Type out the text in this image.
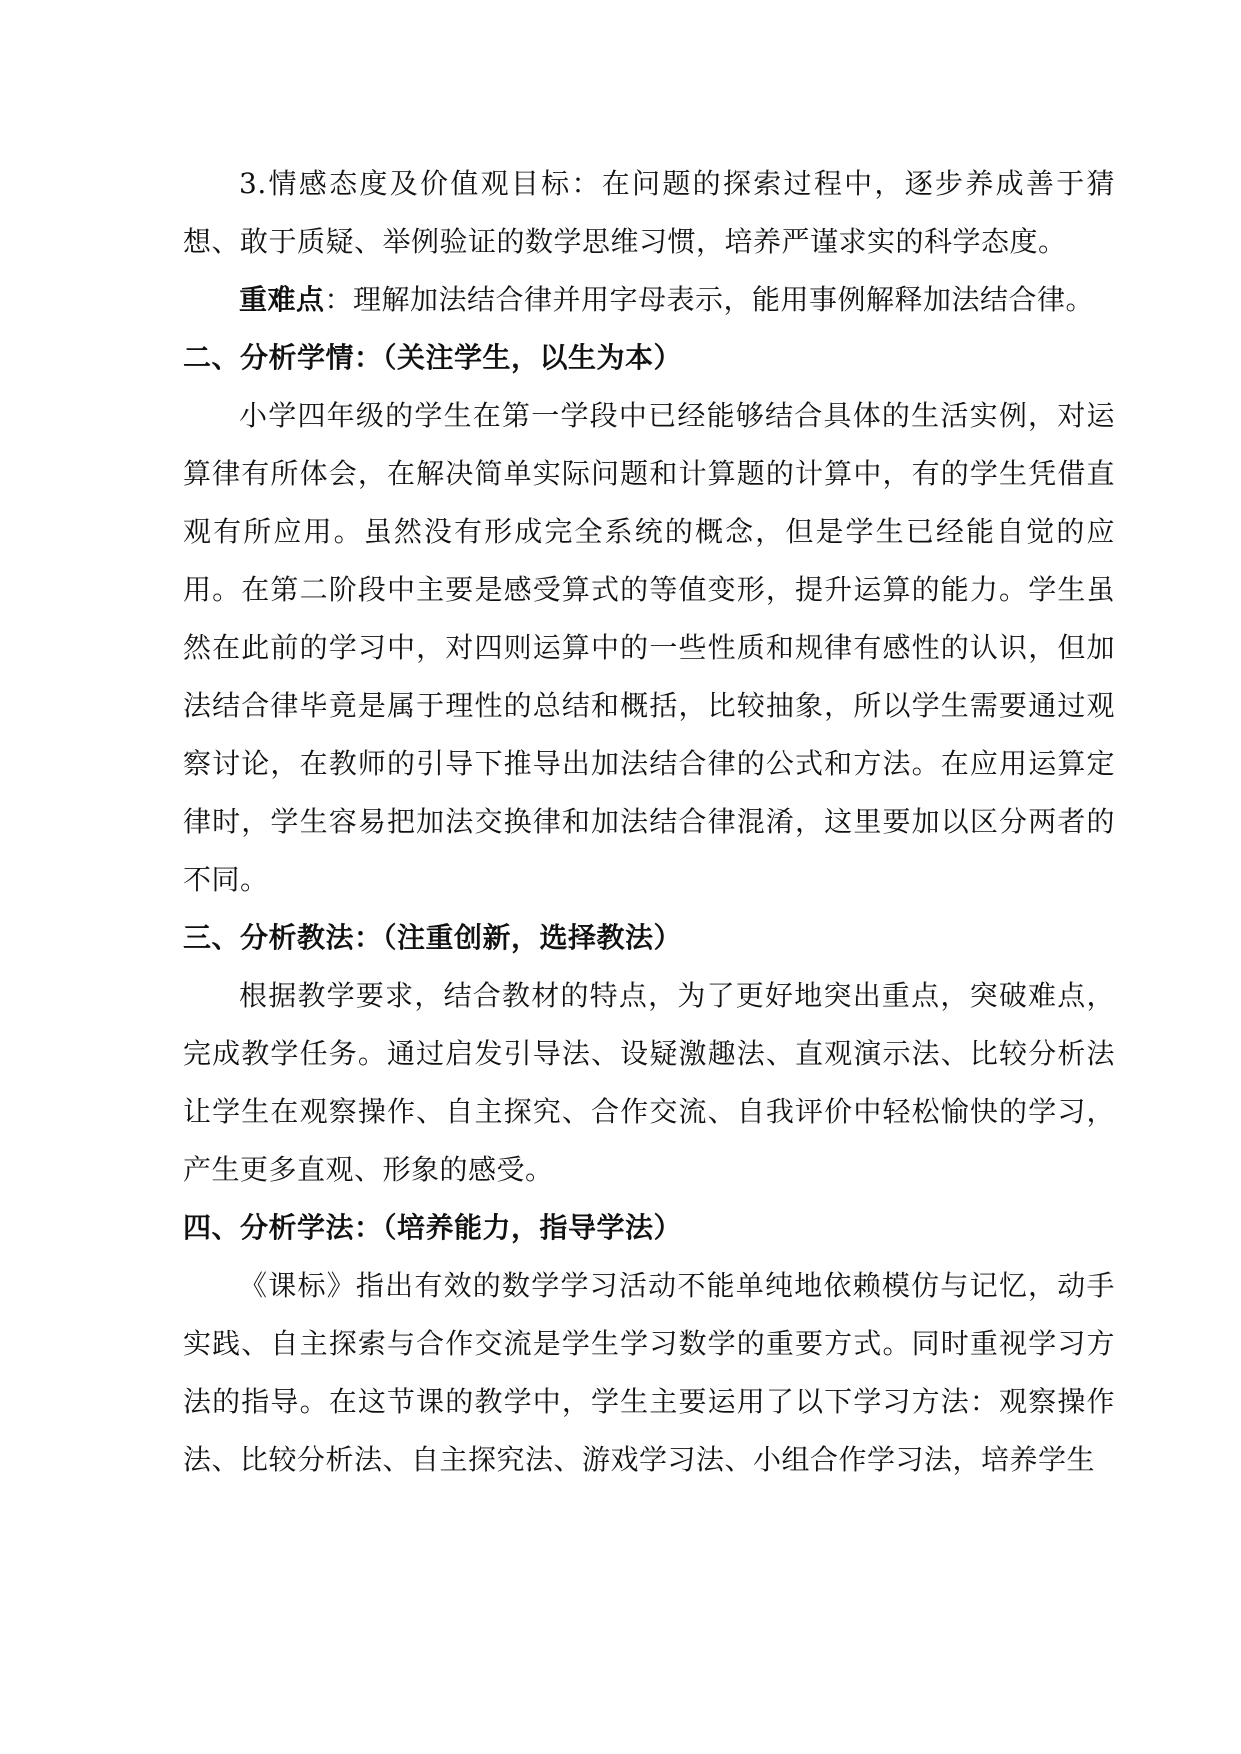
3.情感态度及价值观目标：在问题的探索过程中，逐步养成善于猜想、敢于质疑、举例验证的数学思维习惯，培养严谨求实的科学态度。

重难点：理解加法结合律并用字母表示，能用事例解释加法结合律。

二、分析学情：（关注学生，以生为本）

小学四年级的学生在第一学段中已经能够结合具体的生活实例，对运算律有所体会，在解决简单实际问题和计算题的计算中，有的学生凭借直观有所应用。虽然没有形成完全系统的概念，但是学生已经能自觉的应用。在第二阶段中主要是感受算式的等值变形，提升运算的能力。学生虽然在此前的学习中，对四则运算中的一些性质和规律有感性的认识，但加法结合律毕竟是属于理性的总结和概括，比较抽象，所以学生需要通过观察讨论，在教师的引导下推导出加法结合律的公式和方法。在应用运算定律时，学生容易把加法交换律和加法结合律混淆，这里要加以区分两者的不同。

三、分析教法：（注重创新，选择教法）

根据教学要求，结合教材的特点，为了更好地突出重点，突破难点，完成教学任务。通过启发引导法、设疑激趣法、直观演示法、比较分析法让学生在观察操作、自主探究、合作交流、自我评价中轻松愉快的学习，产生更多直观、形象的感受。

四、分析学法：（培养能力，指导学法）

《课标》指出有效的数学学习活动不能单纯地依赖模仿与记忆，动手实践、自主探索与合作交流是学生学习数学的重要方式。同时重视学习方法的指导。在这节课的教学中，学生主要运用了以下学习方法：观察操作法、比较分析法、自主探究法、游戏学习法、小组合作学习法，培养学生
